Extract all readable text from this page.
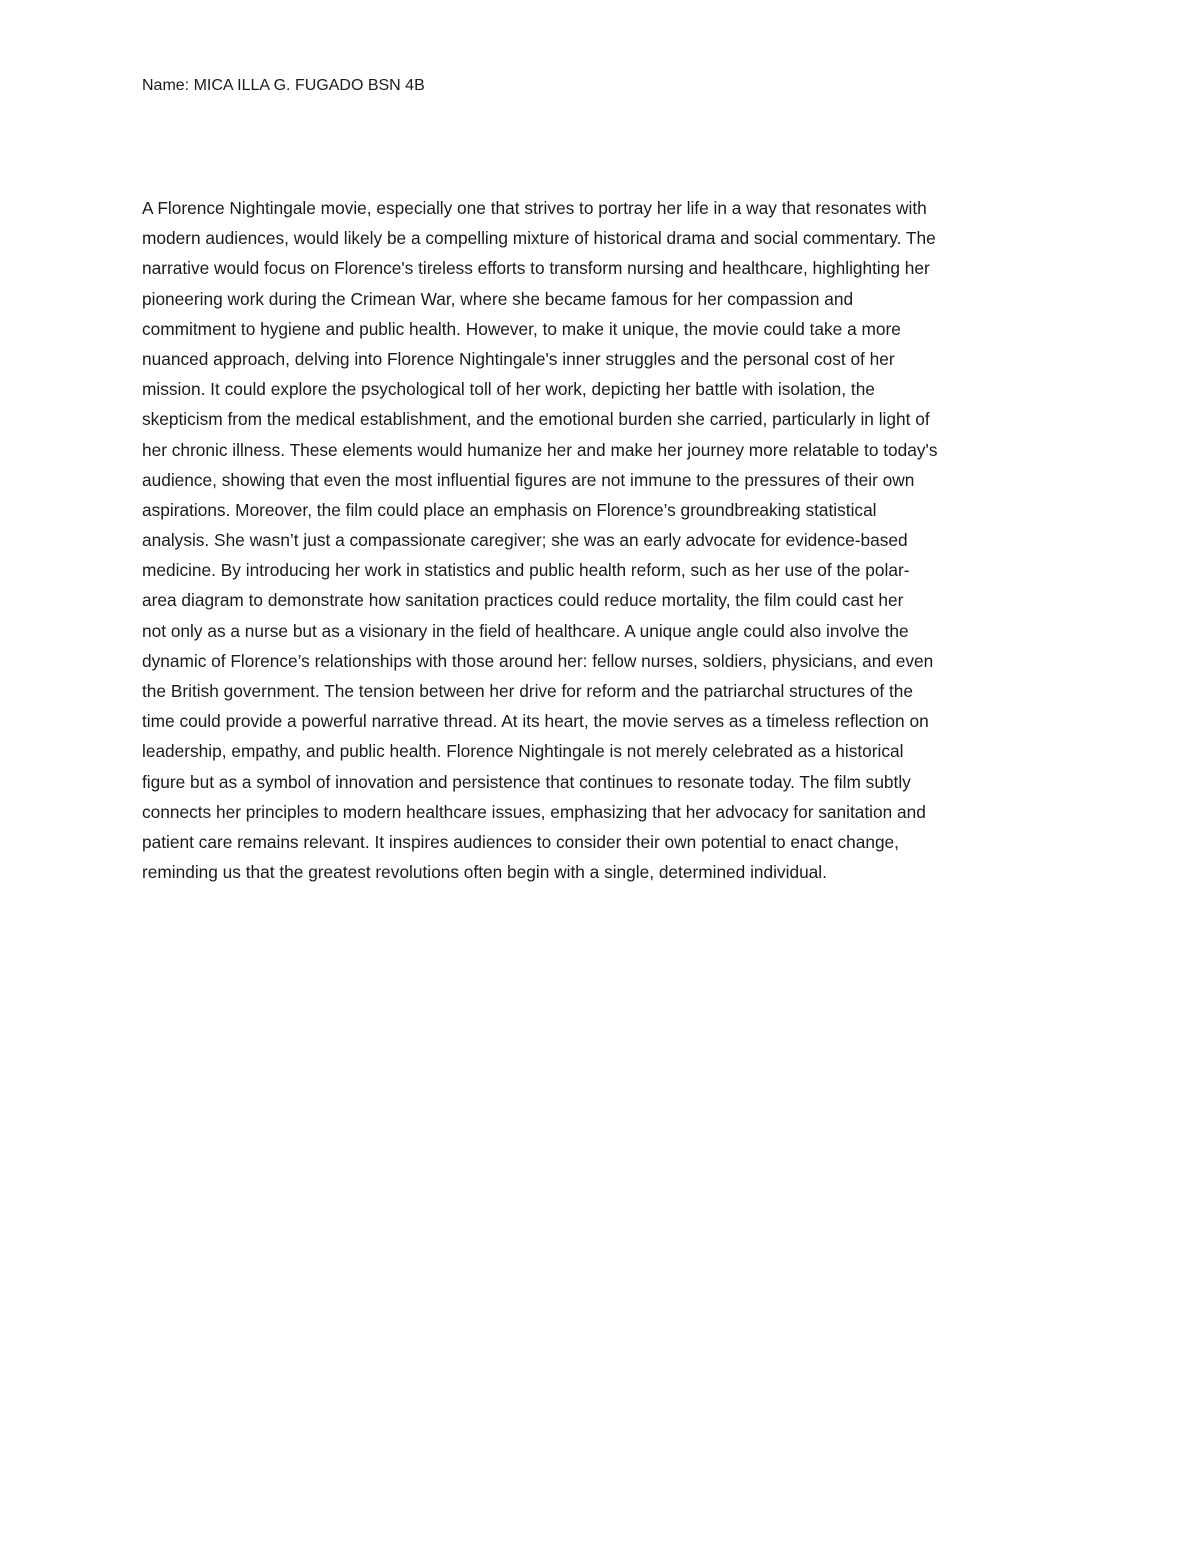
Name: MICA ILLA G. FUGADO BSN 4B
A Florence Nightingale movie, especially one that strives to portray her life in a way that resonates with
modern audiences, would likely be a compelling mixture of historical drama and social commentary. The
narrative would focus on Florence's tireless efforts to transform nursing and healthcare, highlighting her
pioneering work during the Crimean War, where she became famous for her compassion and
commitment to hygiene and public health. However, to make it unique, the movie could take a more
nuanced approach, delving into Florence Nightingale's inner struggles and the personal cost of her
mission. It could explore the psychological toll of her work, depicting her battle with isolation, the
skepticism from the medical establishment, and the emotional burden she carried, particularly in light of
her chronic illness. These elements would humanize her and make her journey more relatable to today's
audience, showing that even the most influential figures are not immune to the pressures of their own
aspirations. Moreover, the film could place an emphasis on Florence’s groundbreaking statistical
analysis. She wasn’t just a compassionate caregiver; she was an early advocate for evidence-based
medicine. By introducing her work in statistics and public health reform, such as her use of the polar-
area diagram to demonstrate how sanitation practices could reduce mortality, the film could cast her
not only as a nurse but as a visionary in the field of healthcare. A unique angle could also involve the
dynamic of Florence’s relationships with those around her: fellow nurses, soldiers, physicians, and even
the British government. The tension between her drive for reform and the patriarchal structures of the
time could provide a powerful narrative thread. At its heart, the movie serves as a timeless reflection on
leadership, empathy, and public health. Florence Nightingale is not merely celebrated as a historical
figure but as a symbol of innovation and persistence that continues to resonate today. The film subtly
connects her principles to modern healthcare issues, emphasizing that her advocacy for sanitation and
patient care remains relevant. It inspires audiences to consider their own potential to enact change,
reminding us that the greatest revolutions often begin with a single, determined individual.
